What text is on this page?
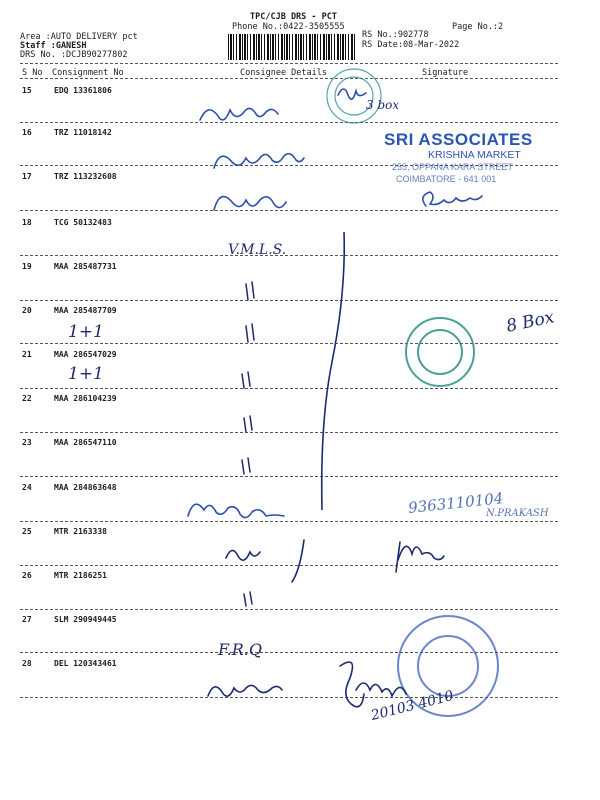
TPC/CJB DRS - PCT
Phone No.:0422-3505555	Page No.:2
Area :AUTO DELIVERY pct
Staff :GANESH
DRS No. :DCJB90277802
RS No.:902778
RS Date:08-Mar-2022
S No Consignment No	Consignee Details	Signature
15	EDQ 13361806
16	TRZ 11018142
17	TRZ 113232608
18	TCG 50132483
19	MAA 285487731
20	MAA 285487709
21	MAA 286547029
22	MAA 286104239
23	MAA 286547110
24	MAA 284863648
25	MTR 2163338
26	MTR 2186251
27	SLM 290949445
28	DEL 120343461
SRI ASSOCIATES
KRISHNA MARKET
255, OPPANA KARA STREET
COIMBATORE - 641 001
3 box
V.M.L.S.
8 Box
1+1
1+1
9363110104
N.PRAKASH
F.R.Q
20103 4010
